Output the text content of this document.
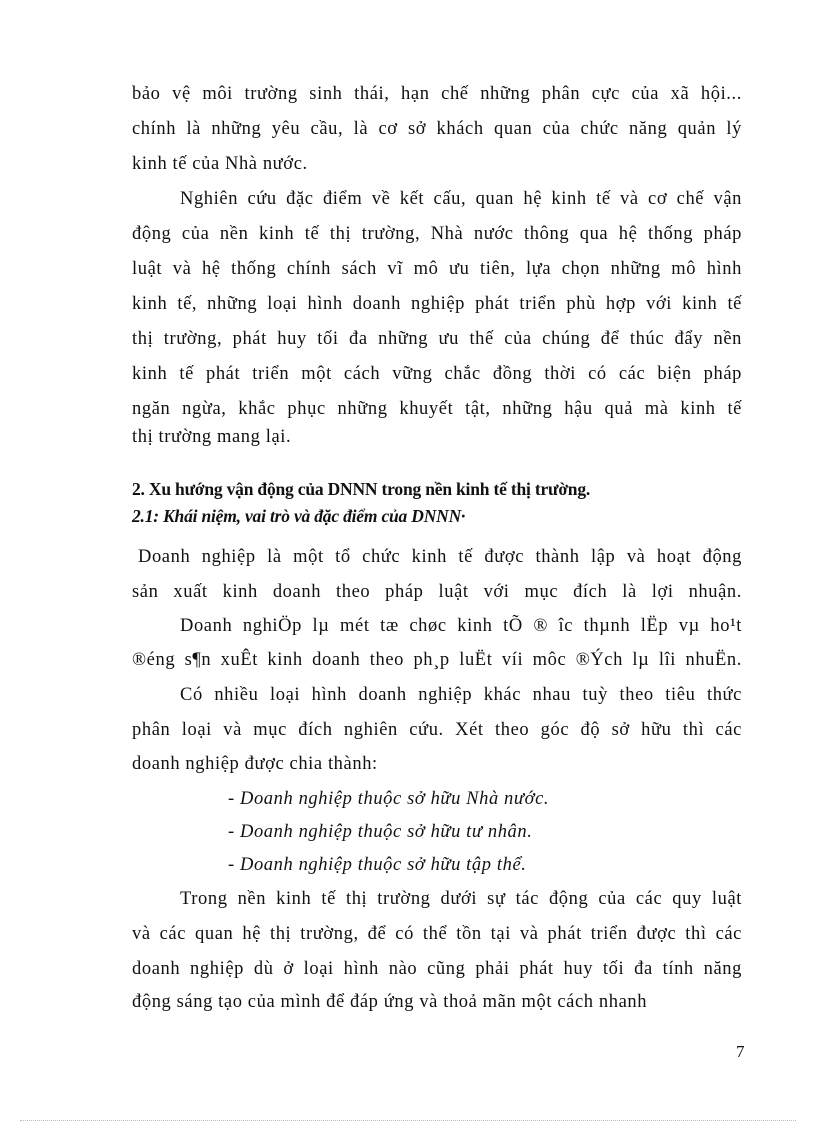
bảo vệ môi trường sinh thái, hạn chế những phân cực của xã hội...
chính là những yêu cầu, là cơ sở khách quan của chức năng quản lý
kinh tế của Nhà nước.
Nghiên cứu đặc điểm về kết cấu, quan hệ kinh tế và cơ chế vận
động của nền kinh tế thị trường, Nhà nước thông qua hệ thống pháp
luật và hệ thống chính sách vĩ mô ưu tiên, lựa chọn những mô hình
kinh tế, những loại hình doanh nghiệp phát triển phù hợp với kinh tế
thị trường, phát huy tối đa những ưu thế của chúng để thúc đẩy nền
kinh tế phát triển một cách vững chắc đồng thời có các biện pháp
ngăn ngừa, khắc phục những khuyết tật, những hậu quả mà kinh tế
thị trường mang lại.
2. Xu hướng vận động của DNNN trong nền kinh tế thị trường.
2.1: Khái niệm, vai trò và đặc điểm của DNNN·
Doanh nghiệp là một tổ chức kinh tế được thành lập và hoạt động
sản xuất kinh doanh theo pháp luật với mục đích là lợi nhuận.
Doanh nghiÖp lµ mét tæ chøc kinh tÕ ® îc thµnh lËp vµ ho¹t
®éng s¶n xuÊt kinh doanh theo ph¸p luËt víi môc ®Ých lµ lîi nhuËn.
Có nhiều loại hình doanh nghiệp khác nhau tuỳ theo tiêu thức
phân loại và mục đích nghiên cứu. Xét theo góc độ sở hữu thì các
doanh nghiệp được chia thành:
- Doanh nghiệp thuộc sở hữu Nhà nước.
- Doanh nghiệp thuộc sở hữu tư nhân.
- Doanh nghiệp thuộc sở hữu tập thể.
Trong nền kinh tế thị trường dưới sự tác động của các quy luật
và các quan hệ thị trường, để có thể tồn tại và phát triển được thì các
doanh nghiệp dù ở loại hình nào cũng phải phát huy tối đa tính năng
động sáng tạo của mình để đáp ứng và thoả mãn một cách nhanh
7
